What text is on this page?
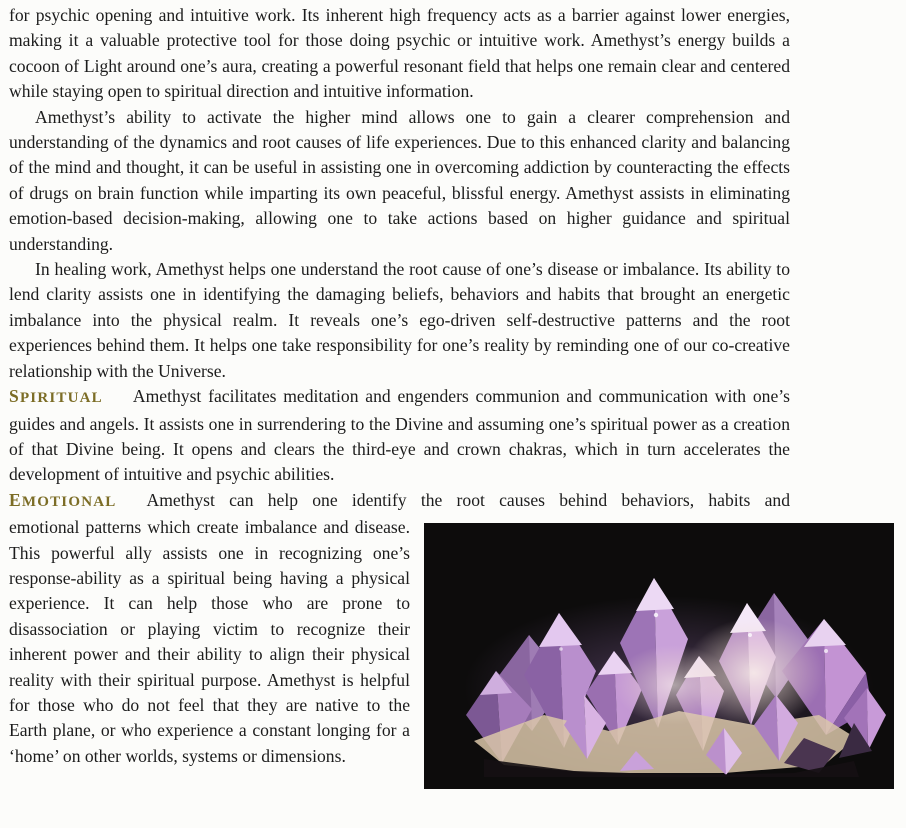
for psychic opening and intuitive work. Its inherent high frequency acts as a barrier against lower energies, making it a valuable protective tool for those doing psychic or intuitive work. Amethyst’s energy builds a cocoon of Light around one’s aura, creating a powerful resonant field that helps one remain clear and centered while staying open to spiritual direction and intuitive information.

Amethyst’s ability to activate the higher mind allows one to gain a clearer comprehension and understanding of the dynamics and root causes of life experiences. Due to this enhanced clarity and balancing of the mind and thought, it can be useful in assisting one in overcoming addiction by counteracting the effects of drugs on brain function while imparting its own peaceful, blissful energy. Amethyst assists in eliminating emotion-based decision-making, allowing one to take actions based on higher guidance and spiritual understanding.

In healing work, Amethyst helps one understand the root cause of one’s disease or imbalance. Its ability to lend clarity assists one in identifying the damaging beliefs, behaviors and habits that brought an energetic imbalance into the physical realm. It reveals one’s ego-driven self-destructive patterns and the root experiences behind them. It helps one take responsibility for one’s reality by reminding one of our co-creative relationship with the Universe.

SPIRITUAL Amethyst facilitates meditation and engenders communion and communication with one’s guides and angels. It assists one in surrendering to the Divine and assuming one’s spiritual power as a creation of that Divine being. It opens and clears the third-eye and crown chakras, which in turn accelerates the development of intuitive and psychic abilities.

EMOTIONAL Amethyst can help one identify the root causes behind behaviors, habits and

emotional patterns which create imbalance and disease. This powerful ally assists one in recognizing one’s response-ability as a spiritual being having a physical experience. It can help those who are prone to disassociation or playing victim to recognize their inherent power and their ability to align their physical reality with their spiritual purpose. Amethyst is helpful for those who do not feel that they are native to the Earth plane, or who experience a constant longing for a ‘home’ on other worlds, systems or dimensions.
